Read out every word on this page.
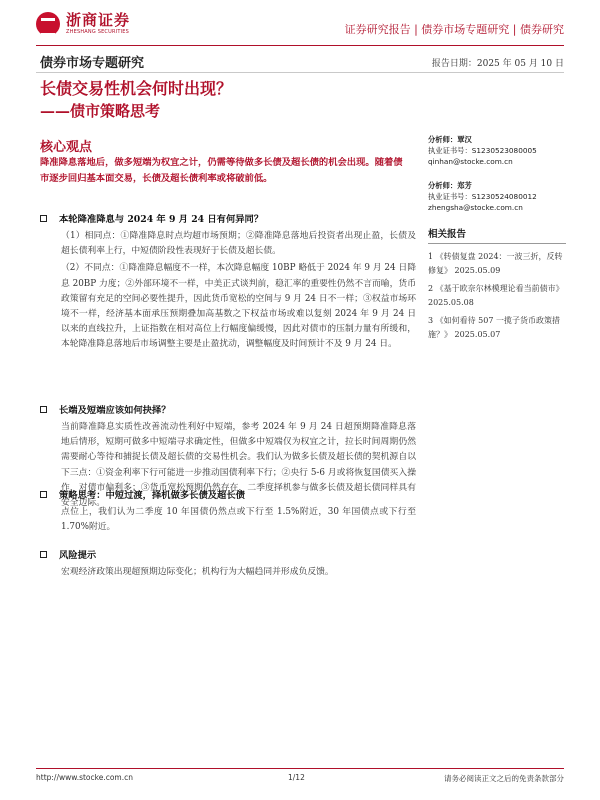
浙商证券
ZHESHANG SECURITIES	证券研究报告 | 债券市场专题研究 | 债券研究
债券市场专题研究	报告日期：2025 年 05 月 10 日
长债交易性机会何时出现？
——债市策略思考
核心观点
降准降息落地后，做多短端为权宜之计，仍需等待做多长债及超长债的机会出现。随着债市逐步回归基本面交易，长债及超长债利率或将破前低。
本轮降准降息与 2024 年 9 月 24 日有何异同？

（1）相同点：①降准降息时点均超市场预期；②降准降息落地后投资者出现止盈，长债及超长债利率上行，中短债阶段性表现好于长债及超长债。

（2）不同点：①降准降息幅度不一样，本次降息幅度 10BP 略低于 2024 年 9 月 24 日降息 20BP 力度；②外部环境不一样，中美正式谈判前，稳汇率的重要性仍然不言而喻，货币政策留有充足的空间必要性提升，因此货币宽松的空间与 9 月 24 日不一样；③权益市场环境不一样，经济基本面承压预期叠加高基数之下权益市场或难以复刻 2024 年 9 月 24 日以来的直线拉升，上证指数在相对高位上行幅度偏缓慢，因此对债市的压制力量有所缓和，本轮降准降息落地后市场调整主要是止盈扰动，调整幅度及时间预计不及 9 月 24 日。

长端及短端应该如何抉择？

当前降准降息实质性改善流动性利好中短端，参考 2024 年 9 月 24 日超预期降准降息落地后情形，短期可做多中短端寻求确定性，但做多中短端仅为权宜之计，拉长时间周期仍然需要耐心等待和捕捉长债及超长债的交易性机会。我们认为做多长债及超长债的契机源自以下三点：①资金利率下行可能进一步推动国债利率下行；②央行 5-6 月或将恢复国债买入操作，对债市偏利多；③货币宽松预期仍然存在，二季度择机参与做多长债及超长债同样具有安全边际。

策略思考：中短过渡，择机做多长债及超长债

点位上，我们认为二季度 10 年国债仍然点或下行至 1.5%附近，30 年国债点或下行至 1.70%附近。

风险提示

宏观经济政策出现超预期边际变化；机构行为大幅趋同并形成负反馈。

分析师：覃汉
执业证书号：S1230523080005
qinhan@stocke.com.cn
分析师：郑芳
执业证书号：S1230524080012
zhengsha@stocke.com.cn
相关报告
1 《转债复盘 2024：一波三折，反转修复》 2025.05.09
2 《基于欧奈尔林模理论看当前债市》 2025.05.08
3 《如何看待 507 一揽子货币政策措施？》 2025.05.07
http://www.stocke.com.cn	1/12	请务必阅读正文之后的免责条款部分
